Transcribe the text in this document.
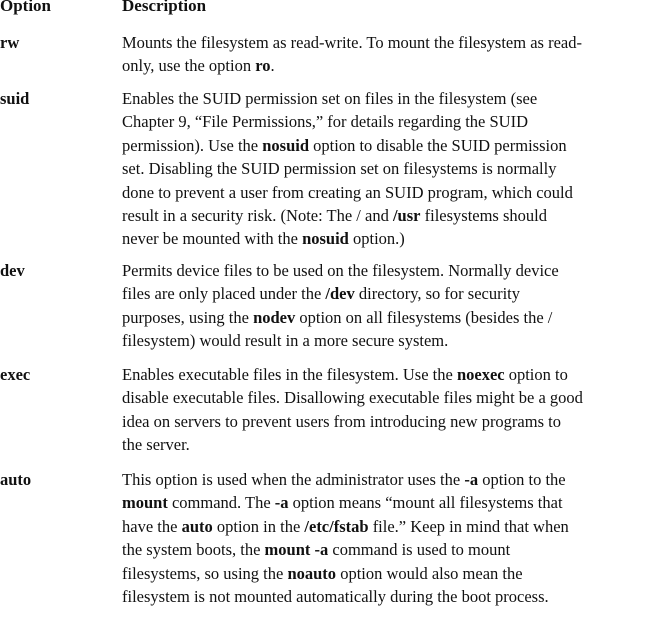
Option	Description
rw	Mounts the filesystem as read-write. To mount the filesystem as read-
only, use the option ro.
suid	Enables the SUID permission set on files in the filesystem (see
Chapter 9, “File Permissions,” for details regarding the SUID
permission). Use the nosuid option to disable the SUID permission
set. Disabling the SUID permission set on filesystems is normally
done to prevent a user from creating an SUID program, which could
result in a security risk. (Note: The / and /usr filesystems should
never be mounted with the nosuid option.)
dev	Permits device files to be used on the filesystem. Normally device
files are only placed under the /dev directory, so for security
purposes, using the nodev option on all filesystems (besides the /
filesystem) would result in a more secure system.
exec	Enables executable files in the filesystem. Use the noexec option to
disable executable files. Disallowing executable files might be a good
idea on servers to prevent users from introducing new programs to
the server.
auto	This option is used when the administrator uses the -a option to the
mount command. The -a option means “mount all filesystems that
have the auto option in the /etc/fstab file.” Keep in mind that when
the system boots, the mount -a command is used to mount
filesystems, so using the noauto option would also mean the
filesystem is not mounted automatically during the boot process.
